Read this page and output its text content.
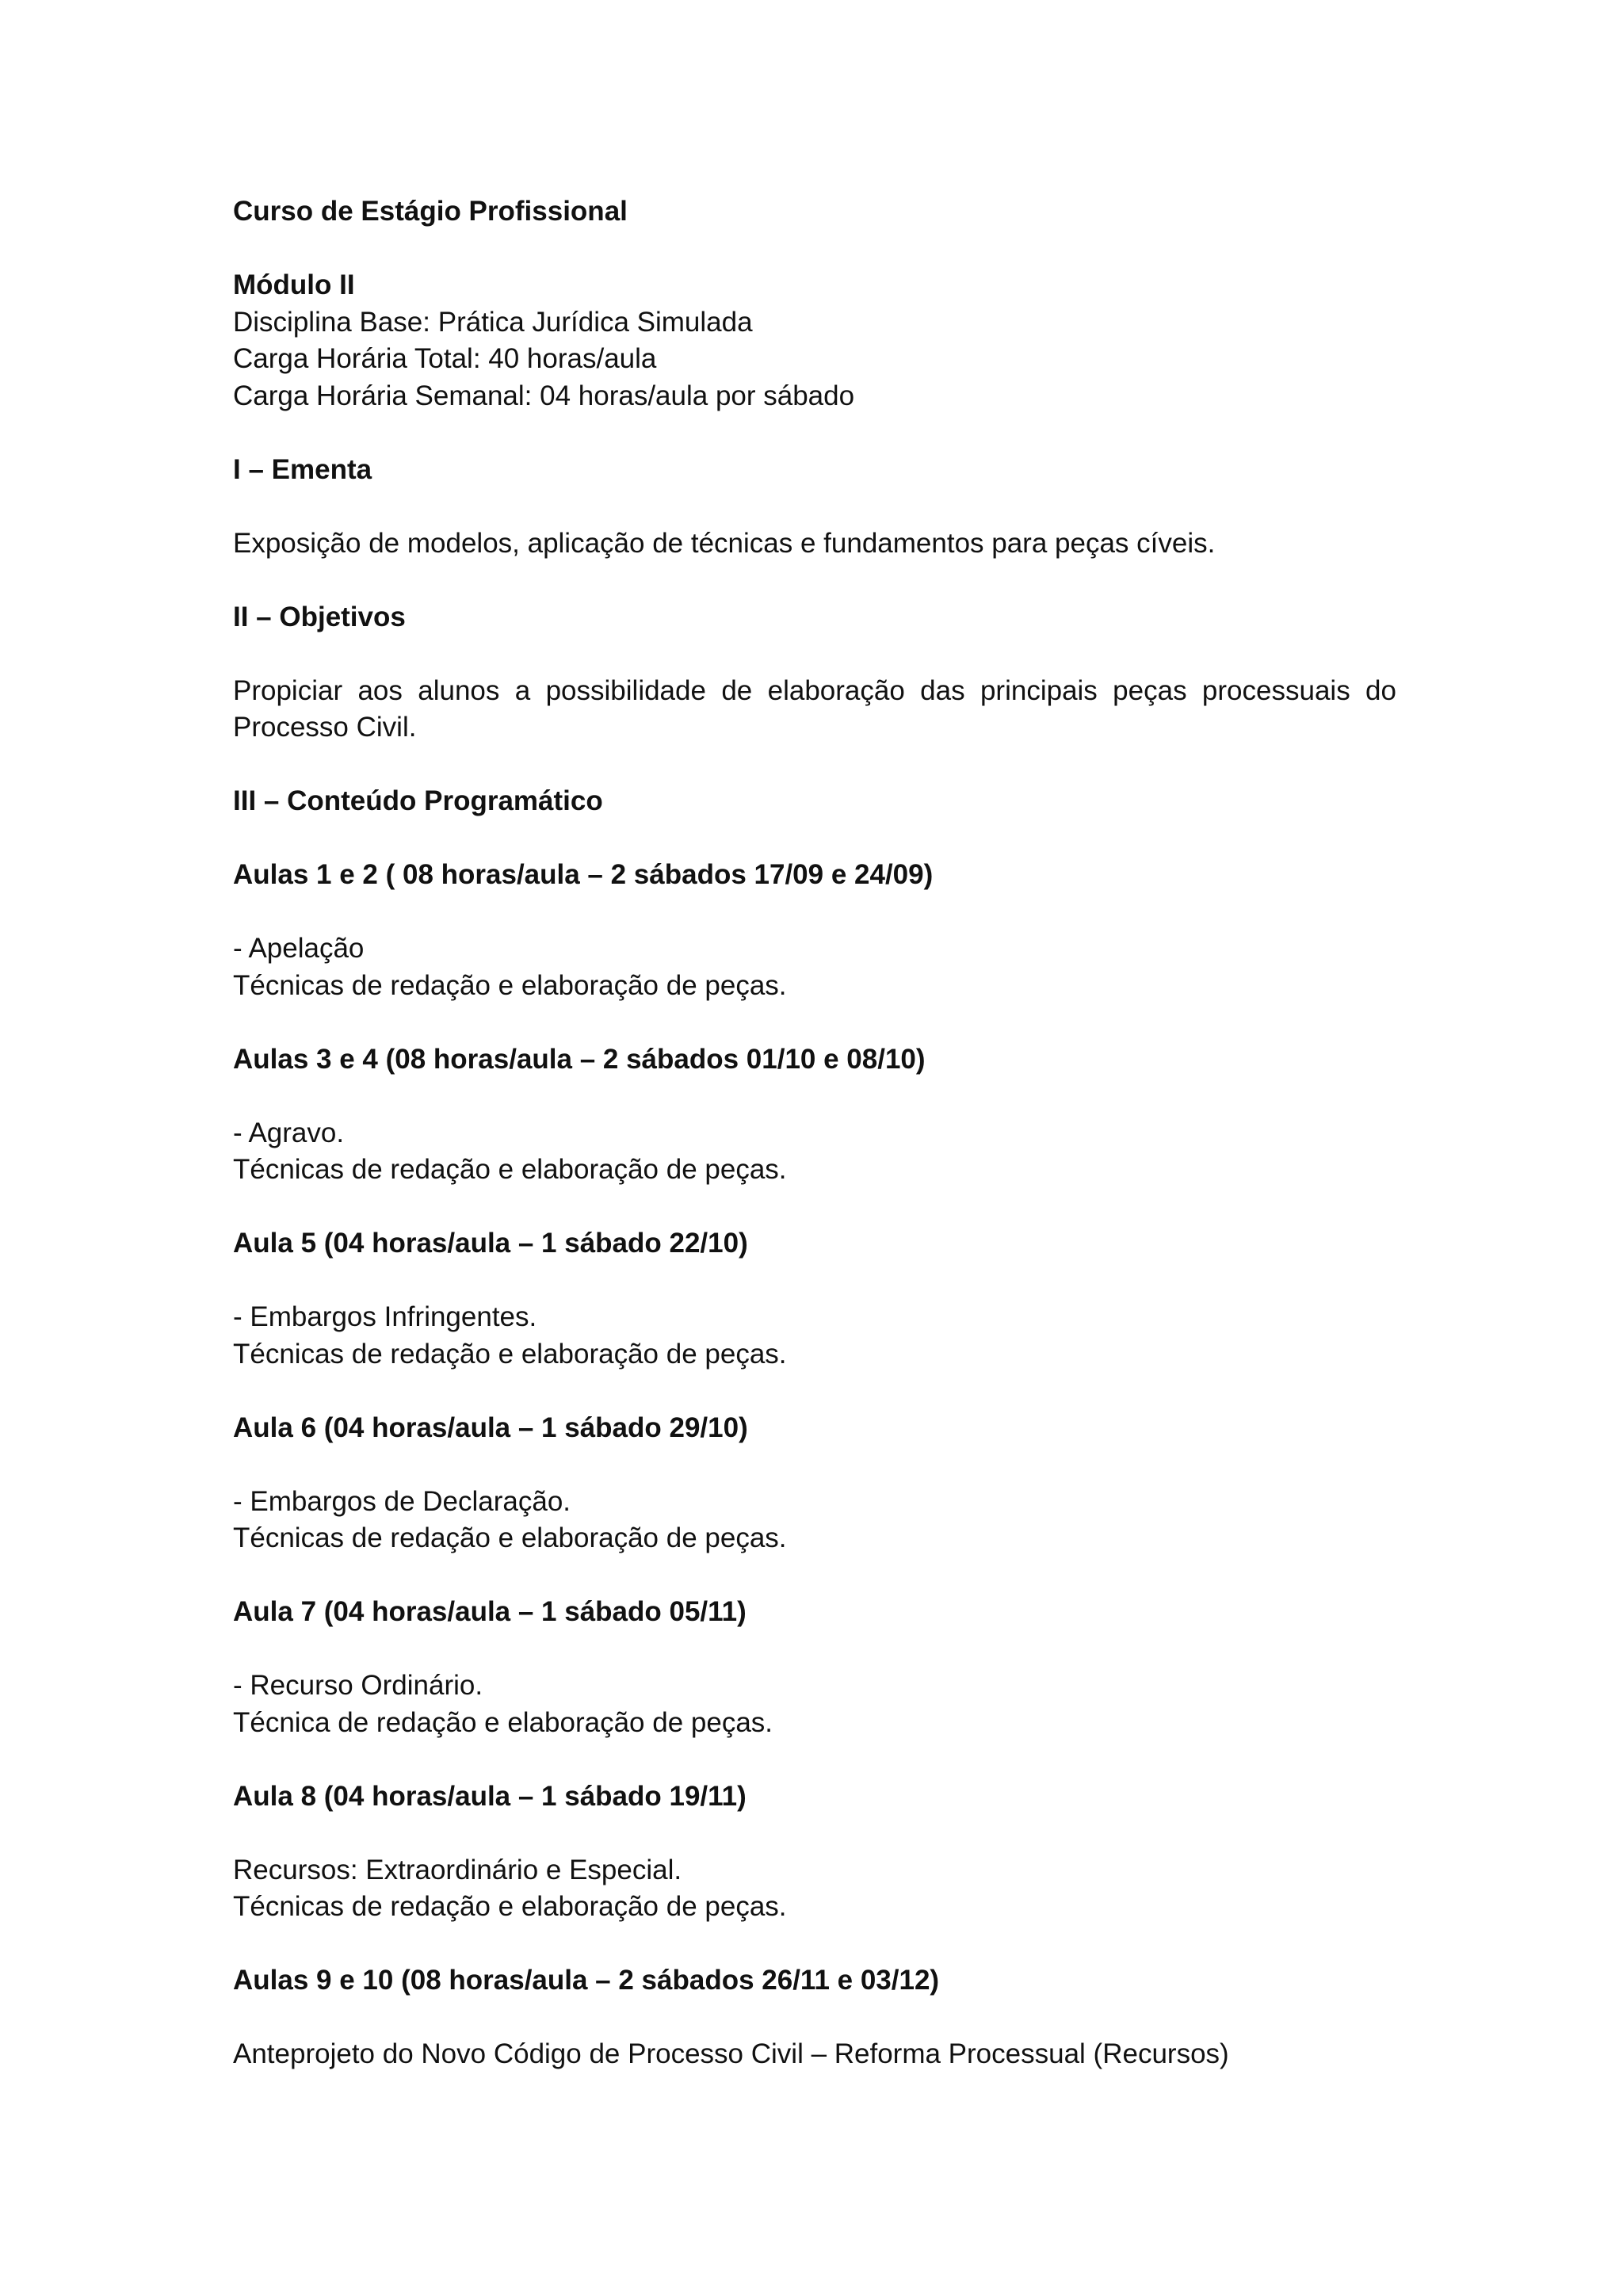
Curso de Estágio Profissional
Módulo II
Disciplina Base: Prática Jurídica Simulada
Carga Horária Total: 40 horas/aula
Carga Horária Semanal: 04 horas/aula por sábado
I – Ementa
Exposição de modelos, aplicação de técnicas e fundamentos para peças cíveis.
II – Objetivos

Propiciar aos alunos a possibilidade de elaboração das principais peças processuais do Processo Civil.

III – Conteúdo Programático
Aulas 1 e 2 ( 08 horas/aula – 2 sábados 17/09 e 24/09)
- Apelação
Técnicas de redação e elaboração de peças.
Aulas 3 e 4 (08 horas/aula – 2 sábados 01/10 e 08/10)
- Agravo.
Técnicas de redação e elaboração de peças.
Aula 5 (04 horas/aula – 1 sábado 22/10)
- Embargos Infringentes.
Técnicas de redação e elaboração de peças.
Aula 6 (04 horas/aula – 1 sábado 29/10)
- Embargos de Declaração.
Técnicas de redação e elaboração de peças.
Aula 7 (04 horas/aula – 1 sábado 05/11)
- Recurso Ordinário.
Técnica de redação e elaboração de peças.
Aula 8 (04 horas/aula – 1 sábado 19/11)
Recursos: Extraordinário e Especial.
Técnicas de redação e elaboração de peças.
Aulas 9 e 10 (08 horas/aula – 2 sábados 26/11 e 03/12)
Anteprojeto do Novo Código de Processo Civil – Reforma Processual (Recursos)
